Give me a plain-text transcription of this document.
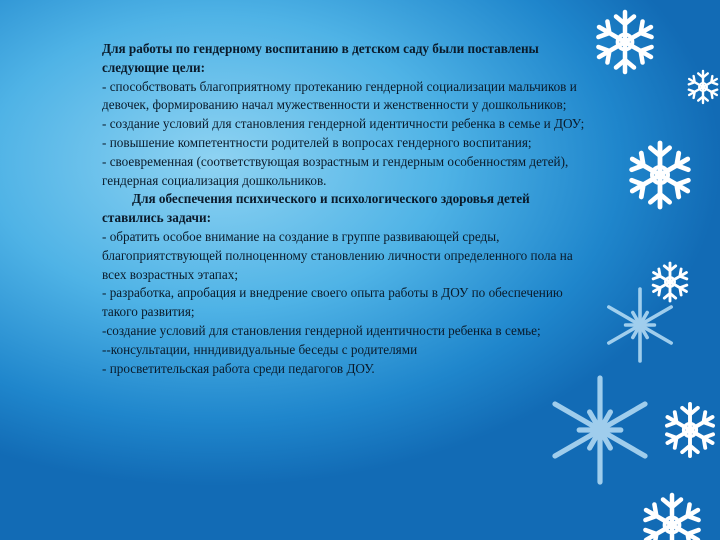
Для работы по гендерному воспитанию в детском саду были поставлены следующие цели:

- способствовать благоприятному протеканию гендерной социализации мальчиков и девочек, формированию начал мужественности и женственности у дошкольников;

- создание условий для становления гендерной идентичности ребенка в семье и ДОУ;

- повышение компетентности родителей в вопросах гендерного воспитания;

- своевременная (соответствующая возрастным и гендерным особенностям детей), гендерная социализация дошкольников.

Для обеспечения психического и психологического здоровья детей ставились задачи:

- обратить особое внимание на создание в группе развивающей среды, благоприятствующей полноценному становлению личности определенного пола на всех возрастных этапах;

- разработка, апробация и внедрение своего опыта работы в ДОУ по обеспечению такого развития;

-создание условий для становления гендерной идентичности ребенка в семье;

--консультации, ннндивидуальные беседы с родителями

- просветительская работа среди педагогов ДОУ.
